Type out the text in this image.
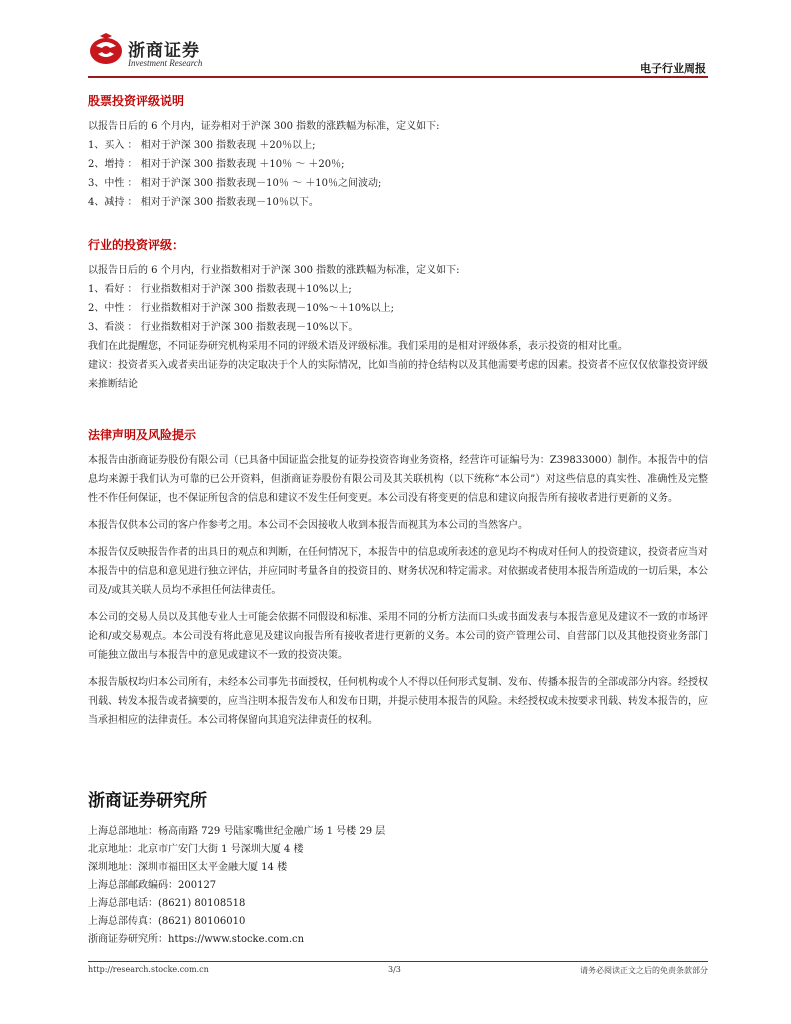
浙商证券
Investment Research	电子行业周报
股票投资评级说明

以报告日后的 6 个月内，证券相对于沪深 300 指数的涨跌幅为标准，定义如下:

1、买入 ： 相对于沪深 300 指数表现 ＋20％以上;

2、增持 ： 相对于沪深 300 指数表现 ＋10％ ～ ＋20％;

3、中性 ： 相对于沪深 300 指数表现－10％ ～ ＋10％之间波动;

4、减持 ： 相对于沪深 300 指数表现－10％以下。

行业的投资评级：

以报告日后的 6 个月内，行业指数相对于沪深 300 指数的涨跌幅为标准，定义如下:

1、看好 ： 行业指数相对于沪深 300 指数表现＋10%以上;

2、中性 ： 行业指数相对于沪深 300 指数表现－10%～＋10%以上;

3、看淡 ： 行业指数相对于沪深 300 指数表现－10%以下。

我们在此提醒您，不同证券研究机构采用不同的评级术语及评级标准。我们采用的是相对评级体系，表示投资的相对比重。

建议：投资者买入或者卖出证券的决定取决于个人的实际情况，比如当前的持仓结构以及其他需要考虑的因素。投资者不应仅仅依靠投资评级来推断结论

法律声明及风险提示

本报告由浙商证券股份有限公司（已具备中国证监会批复的证券投资咨询业务资格，经营许可证编号为：Z39833000）制作。本报告中的信息均来源于我们认为可靠的已公开资料，但浙商证券股份有限公司及其关联机构（以下统称“本公司”）对这些信息的真实性、准确性及完整性不作任何保证，也不保证所包含的信息和建议不发生任何变更。本公司没有将变更的信息和建议向报告所有接收者进行更新的义务。

本报告仅供本公司的客户作参考之用。本公司不会因接收人收到本报告而视其为本公司的当然客户。

本报告仅反映报告作者的出具日的观点和判断，在任何情况下，本报告中的信息或所表述的意见均不构成对任何人的投资建议，投资者应当对本报告中的信息和意见进行独立评估，并应同时考量各自的投资目的、财务状况和特定需求。对依据或者使用本报告所造成的一切后果，本公司及/或其关联人员均不承担任何法律责任。

本公司的交易人员以及其他专业人士可能会依据不同假设和标准、采用不同的分析方法而口头或书面发表与本报告意见及建议不一致的市场评论和/或交易观点。本公司没有将此意见及建议向报告所有接收者进行更新的义务。本公司的资产管理公司、自营部门以及其他投资业务部门可能独立做出与本报告中的意见或建议不一致的投资决策。

本报告版权均归本公司所有，未经本公司事先书面授权，任何机构或个人不得以任何形式复制、发布、传播本报告的全部或部分内容。经授权刊载、转发本报告或者摘要的，应当注明本报告发布人和发布日期，并提示使用本报告的风险。未经授权或未按要求刊载、转发本报告的，应当承担相应的法律责任。本公司将保留向其追究法律责任的权利。

浙商证券研究所

上海总部地址：杨高南路 729 号陆家嘴世纪金融广场 1 号楼 29 层

北京地址：北京市广安门大街 1 号深圳大厦 4 楼

深圳地址：深圳市福田区太平金融大厦 14 楼

上海总部邮政编码：200127

上海总部电话：(8621) 80108518

上海总部传真：(8621) 80106010

浙商证券研究所：https://www.stocke.com.cn

http://research.stocke.com.cn	3/3	请务必阅读正文之后的免责条款部分
